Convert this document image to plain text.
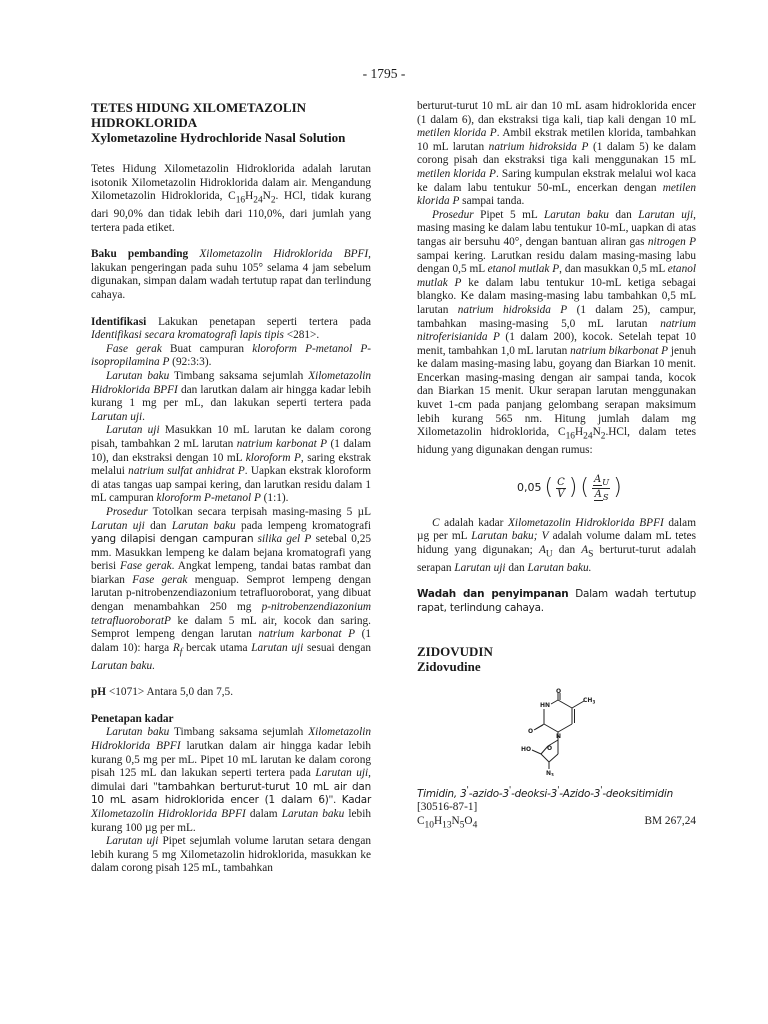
- 1795 -
TETES HIDUNG XILOMETAZOLIN
HIDROKLORIDA
Xylometazoline Hydrochloride Nasal Solution

Tetes Hidung Xilometazolin Hidroklorida adalah larutan isotonik Xilometazolin Hidroklorida dalam air. Mengandung Xilometazolin Hidroklorida, $C_{16}H_{24}N_2$. HCl, tidak kurang dari 90,0% dan tidak lebih dari 110,0%, dari jumlah yang tertera pada etiket.

Baku pembanding Xilometazolin Hidroklorida BPFI, lakukan pengeringan pada suhu 105° selama 4 jam sebelum digunakan, simpan dalam wadah tertutup rapat dan terlindung cahaya.

Identifikasi Lakukan penetapan seperti tertera pada Identifikasi secara kromatografi lapis tipis <281>.

Fase gerak Buat campuran kloroform P-metanol P-isopropilamina P (92:3:3).

Larutan baku Timbang saksama sejumlah Xilometazolin Hidroklorida BPFI dan larutkan dalam air hingga kadar lebih kurang 1 mg per mL, dan lakukan seperti tertera pada Larutan uji.

Larutan uji Masukkan 10 mL larutan ke dalam corong pisah, tambahkan 2 mL larutan natrium karbonat P (1 dalam 10), dan ekstraksi dengan 10 mL kloroform P, saring ekstrak melalui natrium sulfat anhidrat P. Uapkan ekstrak kloroform di atas tangas uap sampai kering, dan larutkan residu dalam 1 mL campuran kloroform P-metanol P (1:1).

Prosedur Totolkan secara terpisah masing-masing 5 µL Larutan uji dan Larutan baku pada lempeng kromatografi yang dilapisi dengan campuran silika gel P setebal 0,25 mm. Masukkan lempeng ke dalam bejana kromatografi yang berisi Fase gerak. Angkat lempeng, tandai batas rambat dan biarkan Fase gerak menguap. Semprot lempeng dengan larutan p-nitrobenzendiazonium tetrafluoroborat, yang dibuat dengan menambahkan 250 mg p-nitrobenzendiazonium tetrafluoroboratP ke dalam 5 mL air, kocok dan saring. Semprot lempeng dengan larutan natrium karbonat P (1 dalam 10): harga $R_f$ bercak utama Larutan uji sesuai dengan Larutan baku.

pH <1071> Antara 5,0 dan 7,5.

Penetapan kadar

Larutan baku Timbang saksama sejumlah Xilometazolin Hidroklorida BPFI larutkan dalam air hingga kadar lebih kurang 0,5 mg per mL. Pipet 10 mL larutan ke dalam corong pisah 125 mL dan lakukan seperti tertera pada Larutan uji, dimulai dari "tambahkan berturut-turut 10 mL air dan 10 mL asam hidroklorida encer (1 dalam 6)". Kadar Xilometazolin Hidroklorida BPFI dalam Larutan baku lebih kurang 100 µg per mL.

Larutan uji Pipet sejumlah volume larutan setara dengan lebih kurang 5 mg Xilometazolin hidroklorida, masukkan ke dalam corong pisah 125 mL, tambahkan

berturut-turut 10 mL air dan 10 mL asam hidroklorida encer (1 dalam 6), dan ekstraksi tiga kali, tiap kali dengan 10 mL metilen klorida P. Ambil ekstrak metilen klorida, tambahkan 10 mL larutan natrium hidroksida P (1 dalam 5) ke dalam corong pisah dan ekstraksi tiga kali menggunakan 15 mL metilen klorida P. Saring kumpulan ekstrak melalui wol kaca ke dalam labu tentukur 50-mL, encerkan dengan metilen klorida P sampai tanda.

Prosedur Pipet 5 mL Larutan baku dan Larutan uji, masing masing ke dalam labu tentukur 10-mL, uapkan di atas tangas air bersuhu 40°, dengan bantuan aliran gas nitrogen P sampai kering. Larutkan residu dalam masing-masing labu dengan 0,5 mL etanol mutlak P, dan masukkan 0,5 mL etanol mutlak P ke dalam labu tentukur 10-mL ketiga sebagai blangko. Ke dalam masing-masing labu tambahkan 0,5 mL larutan natrium hidroksida P (1 dalam 25), campur, tambahkan masing-masing 5,0 mL larutan natrium nitroferisianida P (1 dalam 200), kocok. Setelah tepat 10 menit, tambahkan 1,0 mL larutan natrium bikarbonat P jenuh ke dalam masing-masing labu, goyang dan Biarkan 10 menit. Encerkan masing-masing dengan air sampai tanda, kocok dan Biarkan 15 menit. Ukur serapan larutan menggunakan kuvet 1-cm pada panjang gelombang serapan maksimum lebih kurang 565 nm. Hitung jumlah dalam mg Xilometazolin hidroklorida, $C_{16}H_{24}N_2.HCl$, dalam tetes hidung yang digunakan dengan rumus:

0,05 ( $\frac{C}{V}$ ) ( $\frac{A_U}{A_S}$ )

C adalah kadar Xilometazolin Hidroklorida BPFI dalam µg per mL Larutan baku; V adalah volume dalam mL tetes hidung yang digunakan; $A_U$ dan $A_S$ berturut-turut adalah serapan Larutan uji dan Larutan baku.

Wadah dan penyimpanan Dalam wadah tertutup rapat, terlindung cahaya.

ZIDOVUDIN
Zidovudine
O
HN
$CH_3$
O
N
HO	O
$N_3$

Timidin, 3'-azido-3'-deoksi-3'-Azido-3'-deoksitimidin

[30516-87-1]

$C_{10}H_{13}N_5O_4$	BM 267,24
